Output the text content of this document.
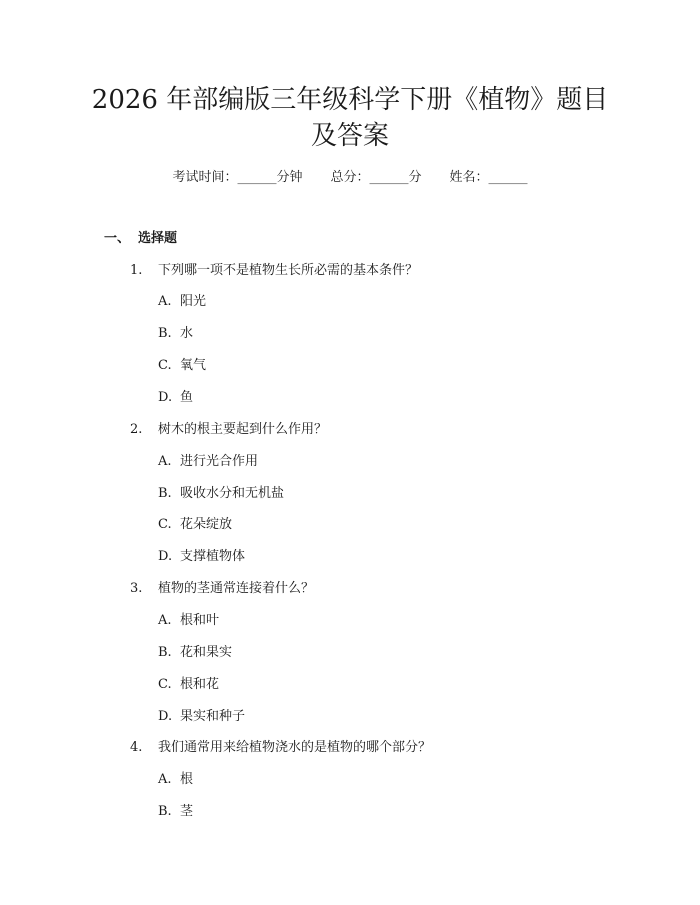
2026 年部编版三年级科学下册《植物》题目
及答案
考试时间：______分钟 总分：______分 姓名：______
一、 选择题
1. 下列哪一项不是植物生长所必需的基本条件？
A. 阳光
B. 水
C. 氧气
D. 鱼
2. 树木的根主要起到什么作用？
A. 进行光合作用
B. 吸收水分和无机盐
C. 花朵绽放
D. 支撑植物体
3. 植物的茎通常连接着什么？
A. 根和叶
B. 花和果实
C. 根和花
D. 果实和种子
4. 我们通常用来给植物浇水的是植物的哪个部分？
A. 根
B. 茎
